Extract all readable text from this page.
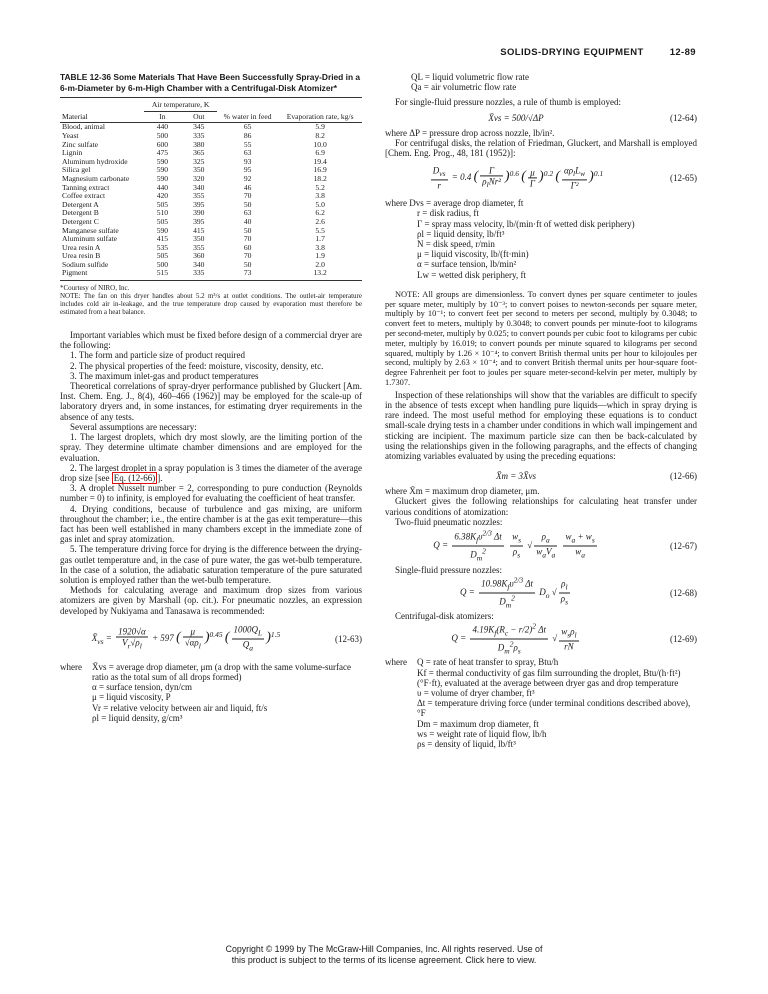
SOLIDS-DRYING EQUIPMENT	12-89

TABLE 12-36 Some Materials That Have Been Successfully Spray-Dried in a 6-m-Diameter by 6-m-High Chamber with a Centrifugal-Disk Atomizer*

Material	Air temperature, K		% water in feed	Evaporation rate, kg/s
	In	Out		
Blood, animal	440	345	65	5.9
Yeast	500	335	86	8.2
Zinc sulfate	600	380	55	10.0
Lignin	475	365	63	6.9
Aluminum hydroxide	590	325	93	19.4
Silica gel	590	350	95	16.9
Magnesium carbonate	590	320	92	18.2
Tanning extract	440	340	46	5.2
Coffee extract	420	355	70	3.8
Detergent A	505	395	50	5.0
Detergent B	510	390	63	6.2
Detergent C	505	395	40	2.6
Manganese sulfate	590	415	50	5.5
Aluminum sulfate	415	350	70	1.7
Urea resin A	535	355	60	3.8
Urea resin B	505	360	70	1.9
Sodium sulfide	500	340	50	2.0
Pigment	515	335	73	13.2

*Courtesy of NIRO, Inc.

NOTE: The fan on this dryer handles about 5.2 m³/s at outlet conditions. The outlet-air temperature includes cold air in-leakage, and the true temperature drop caused by evaporation must therefore be estimated from a heat balance.

Important variables which must be fixed before design of a commercial dryer are the following:

1. The form and particle size of product required

2. The physical properties of the feed: moisture, viscosity, density, etc.

3. The maximum inlet-gas and product temperatures

Theoretical correlations of spray-dryer performance published by Gluckert [Am. Inst. Chem. Eng. J., 8(4), 460–466 (1962)] may be employed for the scale-up of laboratory dryers and, in some instances, for estimating dryer requirements in the absence of any tests.

Several assumptions are necessary:

1. The largest droplets, which dry most slowly, are the limiting portion of the spray. They determine ultimate chamber dimensions and are employed for the evaluation.

2. The largest droplet in a spray population is 3 times the diameter of the average drop size [see Eq. (12-66) ].

3. A droplet Nusselt number = 2, corresponding to pure conduction (Reynolds number = 0) to infinity, is employed for evaluating the coefficient of heat transfer.

4. Drying conditions, because of turbulence and gas mixing, are uniform throughout the chamber; i.e., the entire chamber is at the gas exit temperature—this fact has been well established in many chambers except in the immediate zone of gas inlet and spray atomization.

5. The temperature driving force for drying is the difference between the drying-gas outlet temperature and, in the case of pure water, the gas wet-bulb temperature. In the case of a solution, the adiabatic saturation temperature of the pure saturated solution is employed rather than the wet-bulb temperature.

Methods for calculating average and maximum drop sizes from various atomizers are given by Marshall (op. cit.). For pneumatic nozzles, an expression developed by Nukiyama and Tanasawa is recommended:

$X̄_{vs} = \frac{1920√\alpha}{V_r√\rho_l} + 597$ ( $\frac{\mu}{√\alpha\rho_l} )^{0.45}$ ( $\frac{1000Q_L}{Q_a} )^{1.5}$	(12-63)
where	X̄vs = average drop diameter, μm (a drop with the same volume-surface ratio as the total sum of all drops formed)
α = surface tension, dyn/cm
μ = liquid viscosity, P
Vr = relative velocity between air and liquid, ft/s
ρl = liquid density, g/cm³
QL = liquid volumetric flow rate
Qa = air volumetric flow rate

For single-fluid pressure nozzles, a rule of thumb is employed:

X̄vs = 500/√ΔP	(12-64)

where ΔP = pressure drop across nozzle, lb/in².

For centrifugal disks, the relation of Friedman, Gluckert, and Marshall is employed [Chem. Eng. Prog., 48, 181 (1952)]:

$\frac{D_{vs}}{r} = 0.4$ ( $\frac{\Gamma}{\rho_lNr^2} )^{0.6}$ ( $\frac{\mu}{\Gamma} )^{0.2}$ ( $\frac{\alpha\rho_lL_w}{\text{Γ²}} )^{0.1}$	(12-65)
where Dvs = average drop diameter, ft
r = disk radius, ft
Γ = spray mass velocity, lb/(min·ft of wetted disk periphery)
ρl = liquid density, lb/ft³
N = disk speed, r/min
μ = liquid viscosity, lb/(ft·min)
α = surface tension, lb/min²
Lw = wetted disk periphery, ft

NOTE: All groups are dimensionless. To convert dynes per square centimeter to joules per square meter, multiply by 10⁻³; to convert poises to newton-seconds per square meter, multiply by 10⁻¹; to convert feet per second to meters per second, multiply by 0.3048; to convert feet to meters, multiply by 0.3048; to convert pounds per minute-foot to kilograms per second-meter, multiply by 0.025; to convert pounds per cubic foot to kilograms per cubic meter, multiply by 16.019; to convert pounds per minute squared to kilograms per second squared, multiply by 1.26 × 10⁻⁴; to convert British thermal units per hour to kilojoules per second, multiply by 2.63 × 10⁻⁴; and to convert British thermal units per hour-square foot-degree Fahrenheit per foot to joules per square meter-second-kelvin per meter, multiply by 1.7307.

Inspection of these relationships will show that the variables are difficult to specify in the absence of tests except when handling pure liquids—which in spray drying is rare indeed. The most useful method for employing these equations is to conduct small-scale drying tests in a chamber under conditions in which wall impingement and sticking are incipient. The maximum particle size can then be back-calculated by using the relationships given in the following paragraphs, and the effects of changing atomizing variables evaluated by using the preceding equations:

X̄m = 3X̄vs	(12-66)

where X̄m = maximum drop diameter, μm.

Gluckert gives the following relationships for calculating heat transfer under various conditions of atomization:

Two-fluid pneumatic nozzles:
$Q = \frac{6.38K_f\upsilon^{2/3} \Delta t}{D_m^2}$
$\frac{w_s}{\rho_s}$ √ $\frac{\rho_a}{w_aV_a}$
$\frac{w_a + w_s}{w_a}$	(12-67)
Single-fluid pressure nozzles:
$Q = \frac{10.98K_f\upsilon^{2/3} \Delta t}{D_m^2} D_o$ √ $\frac{\rho_l}{\rho_s}$	(12-68)
Centrifugal-disk atomizers:
$Q = \frac{4.19K_f(R_c - r/2)^2 \Delta t}{D_m^2\rho_s}$ √ $\frac{w_s\rho_l}{rN}$	(12-69)
where	Q = rate of heat transfer to spray, Btu/h
Kf = thermal conductivity of gas film surrounding the droplet, Btu/(h·ft²)(°F·ft), evaluated at the average between dryer gas and drop temperature
υ = volume of dryer chamber, ft³
Δt = temperature driving force (under terminal conditions described above), °F
Dm = maximum drop diameter, ft
ws = weight rate of liquid flow, lb/h
ρs = density of liquid, lb/ft³
Copyright © 1999 by The McGraw-Hill Companies, Inc. All rights reserved. Use of
this product is subject to the terms of its license agreement. Click here to view.
